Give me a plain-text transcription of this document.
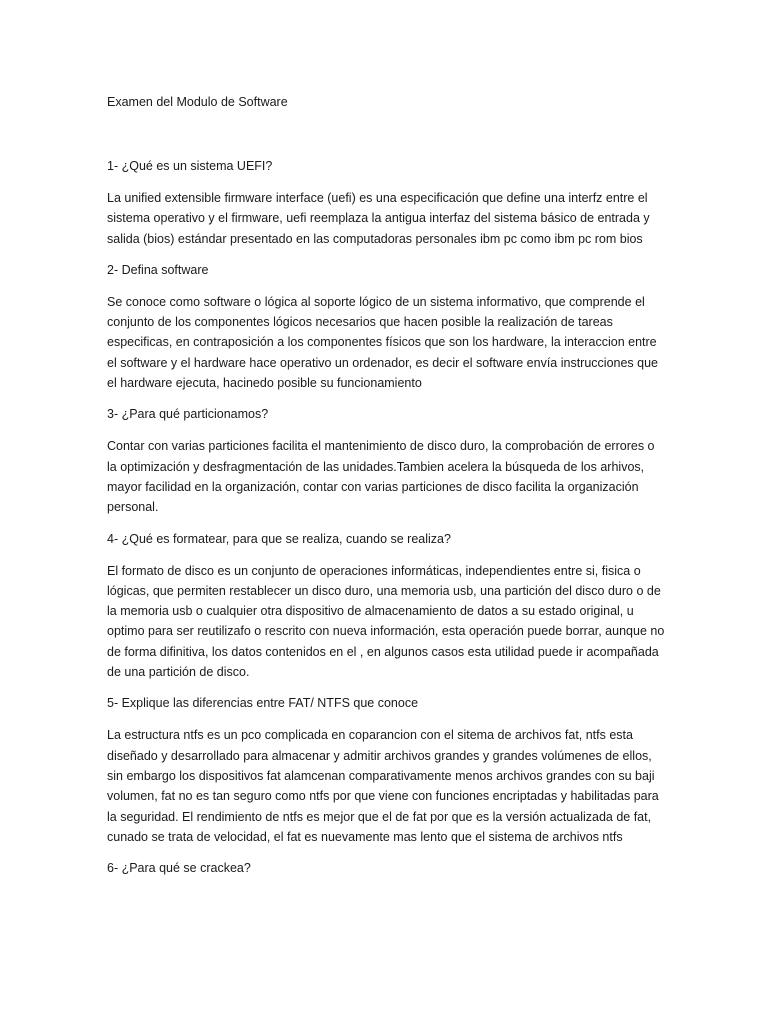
Examen del Modulo de Software

1- ¿Qué es un sistema UEFI?

La unified extensible firmware interface (uefi) es una especificación que define una interfz entre el sistema operativo y el firmware, uefi reemplaza la antigua interfaz del sistema básico de entrada y salida (bios) estándar presentado en las computadoras personales ibm pc como ibm pc rom bios

2- Defina software

Se conoce como software o lógica al soporte lógico de un sistema informativo, que comprende el conjunto de los componentes lógicos necesarios que hacen posible la realización de tareas especificas, en contraposición a los componentes físicos que son los hardware, la interaccion entre el software y el hardware hace operativo un ordenador, es decir el software envía instrucciones que el hardware ejecuta, hacinedo posible su funcionamiento

3- ¿Para qué particionamos?

Contar con varias particiones facilita el mantenimiento de disco duro, la comprobación de errores o la optimización y desfragmentación de las unidades.Tambien acelera la búsqueda de los arhivos, mayor facilidad en la organización, contar con varias particiones de disco facilita la organización personal.

4- ¿Qué es formatear, para que se realiza, cuando se realiza?

El formato de disco es un conjunto de operaciones informáticas, independientes entre si, fisica o lógicas, que permiten restablecer un disco duro, una memoria usb, una partición del disco duro o de la memoria usb o cualquier otra dispositivo de almacenamiento de datos a su estado original, u optimo para ser reutilizafo o rescrito con nueva información, esta operación puede borrar, aunque no de forma difinitiva, los datos contenidos en el , en algunos casos esta utilidad puede ir acompañada de una partición de disco.

5- Explique las diferencias entre FAT/ NTFS que conoce

La estructura ntfs es un pco complicada en coparancion con el sitema de archivos fat, ntfs esta diseñado y desarrollado para almacenar y admitir archivos grandes y grandes volúmenes de ellos, sin embargo los dispositivos fat alamcenan comparativamente menos archivos grandes con su baji volumen, fat no es tan seguro como ntfs por que viene con funciones encriptadas y habilitadas para la seguridad. El rendimiento de ntfs es mejor que el de fat por que es la versión actualizada de fat, cunado se trata de velocidad, el fat es nuevamente mas lento que el sistema de archivos ntfs

6- ¿Para qué se crackea?
